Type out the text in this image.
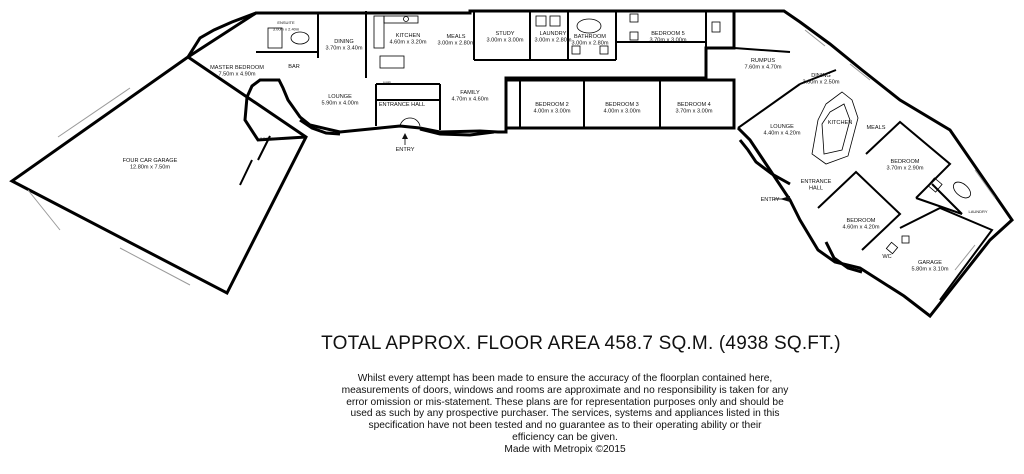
FOUR CAR GARAGE
12.80m x 7.50m
MASTER BEDROOM
7.50m x 4.90m
ENSUITE
3.00m x 2.40m
BAR
DINING
3.70m x 3.40m
KITCHEN
4.60m x 3.20m
MEALS
3.00m x 2.80m
STUDY
3.00m x 3.00m
LAUNDRY
3.00m x 2.80m
BATHROOM
3.00m x 2.80m
BEDROOM 5
3.70m x 3.00m
RUMPUS
7.60m x 4.70m
LOUNGE
5.90m x 4.00m	ENTRANCE HALL
FAMILY
4.70m x 4.60m
BEDROOM 2
4.00m x 3.00m
BEDROOM 3
4.00m x 3.00m
BEDROOM 4
3.70m x 3.00m
DINING
3.00m x 2.50m
KITCHEN
MEALS
LOUNGE
4.40m x 4.20m
ENTRANCE
HALL
BEDROOM
3.70m x 2.90m
BEDROOM
4.60m x 4.20m
GARAGE
5.80m x 3.10m
LAUNDRY
WC
ENTRY
ENTRY
WASHROOM
WIR
TOTAL APPROX. FLOOR AREA 458.7 SQ.M. (4938 SQ.FT.)

Whilst every attempt has been made to ensure the accuracy of the floorplan contained here,

measurements of doors, windows and rooms are approximate and no responsibility is taken for any

error omission or mis-statement. These plans are for representation purposes only and should be

used as such by any prospective purchaser. The services, systems and appliances listed in this

specification have not been tested and no guarantee as to their operating ability or their

efficiency can be given.

Made with Metropix ©2015
